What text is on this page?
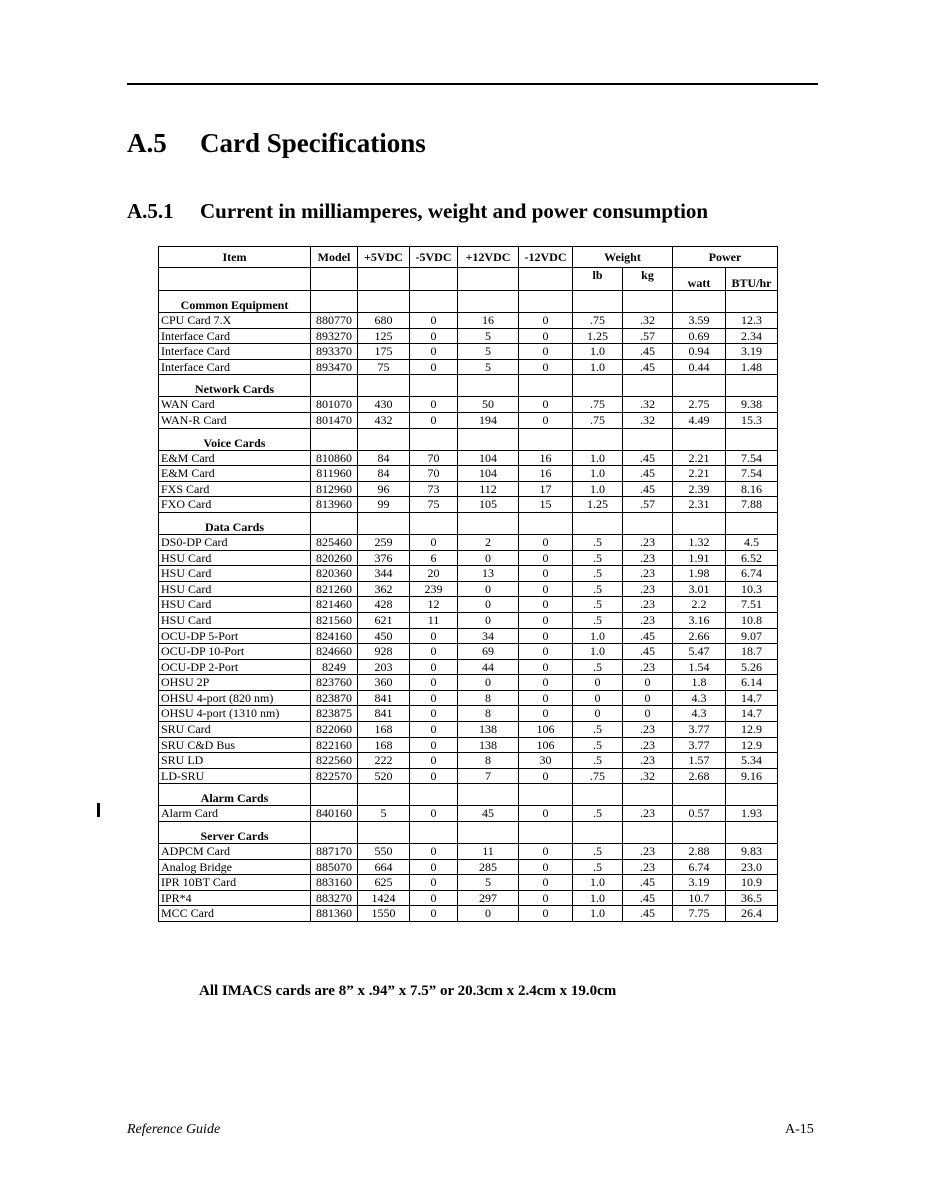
A.5 Card Specifications
A.5.1 Current in milliamperes, weight and power consumption
Item	Model	+5VDC	-5VDC	+12VDC	-12VDC	Weight		Power	
						lb	kg	watt	BTU/hr
Common Equipment									
CPU Card 7.X	880770	680	0	16	0	.75	.32	3.59	12.3
Interface Card	893270	125	0	5	0	1.25	.57	0.69	2.34
Interface Card	893370	175	0	5	0	1.0	.45	0.94	3.19
Interface Card	893470	75	0	5	0	1.0	.45	0.44	1.48
Network Cards									
WAN Card	801070	430	0	50	0	.75	.32	2.75	9.38
WAN-R Card	801470	432	0	194	0	.75	.32	4.49	15.3
Voice Cards									
E&M Card	810860	84	70	104	16	1.0	.45	2.21	7.54
E&M Card	811960	84	70	104	16	1.0	.45	2.21	7.54
FXS Card	812960	96	73	112	17	1.0	.45	2.39	8.16
FXO Card	813960	99	75	105	15	1.25	.57	2.31	7.88
Data Cards									
DS0-DP Card	825460	259	0	2	0	.5	.23	1.32	4.5
HSU Card	820260	376	6	0	0	.5	.23	1.91	6.52
HSU Card	820360	344	20	13	0	.5	.23	1.98	6.74
HSU Card	821260	362	239	0	0	.5	.23	3.01	10.3
HSU Card	821460	428	12	0	0	.5	.23	2.2	7.51
HSU Card	821560	621	11	0	0	.5	.23	3.16	10.8
OCU-DP 5-Port	824160	450	0	34	0	1.0	.45	2.66	9.07
OCU-DP 10-Port	824660	928	0	69	0	1.0	.45	5.47	18.7
OCU-DP 2-Port	8249	203	0	44	0	.5	.23	1.54	5.26
OHSU 2P	823760	360	0	0	0	0	0	1.8	6.14
OHSU 4-port (820 nm)	823870	841	0	8	0	0	0	4.3	14.7
OHSU 4-port (1310 nm)	823875	841	0	8	0	0	0	4.3	14.7
SRU Card	822060	168	0	138	106	.5	.23	3.77	12.9
SRU C&D Bus	822160	168	0	138	106	.5	.23	3.77	12.9
SRU LD	822560	222	0	8	30	.5	.23	1.57	5.34
LD-SRU	822570	520	0	7	0	.75	.32	2.68	9.16
Alarm Cards									
Alarm Card	840160	5	0	45	0	.5	.23	0.57	1.93
Server Cards									
ADPCM Card	887170	550	0	11	0	.5	.23	2.88	9.83
Analog Bridge	885070	664	0	285	0	.5	.23	6.74	23.0
IPR 10BT Card	883160	625	0	5	0	1.0	.45	3.19	10.9
IPR*4	883270	1424	0	297	0	1.0	.45	10.7	36.5
MCC Card	881360	1550	0	0	0	1.0	.45	7.75	26.4
All IMACS cards are 8” x .94” x 7.5” or 20.3cm x 2.4cm x 19.0cm
Reference Guide	A-15
